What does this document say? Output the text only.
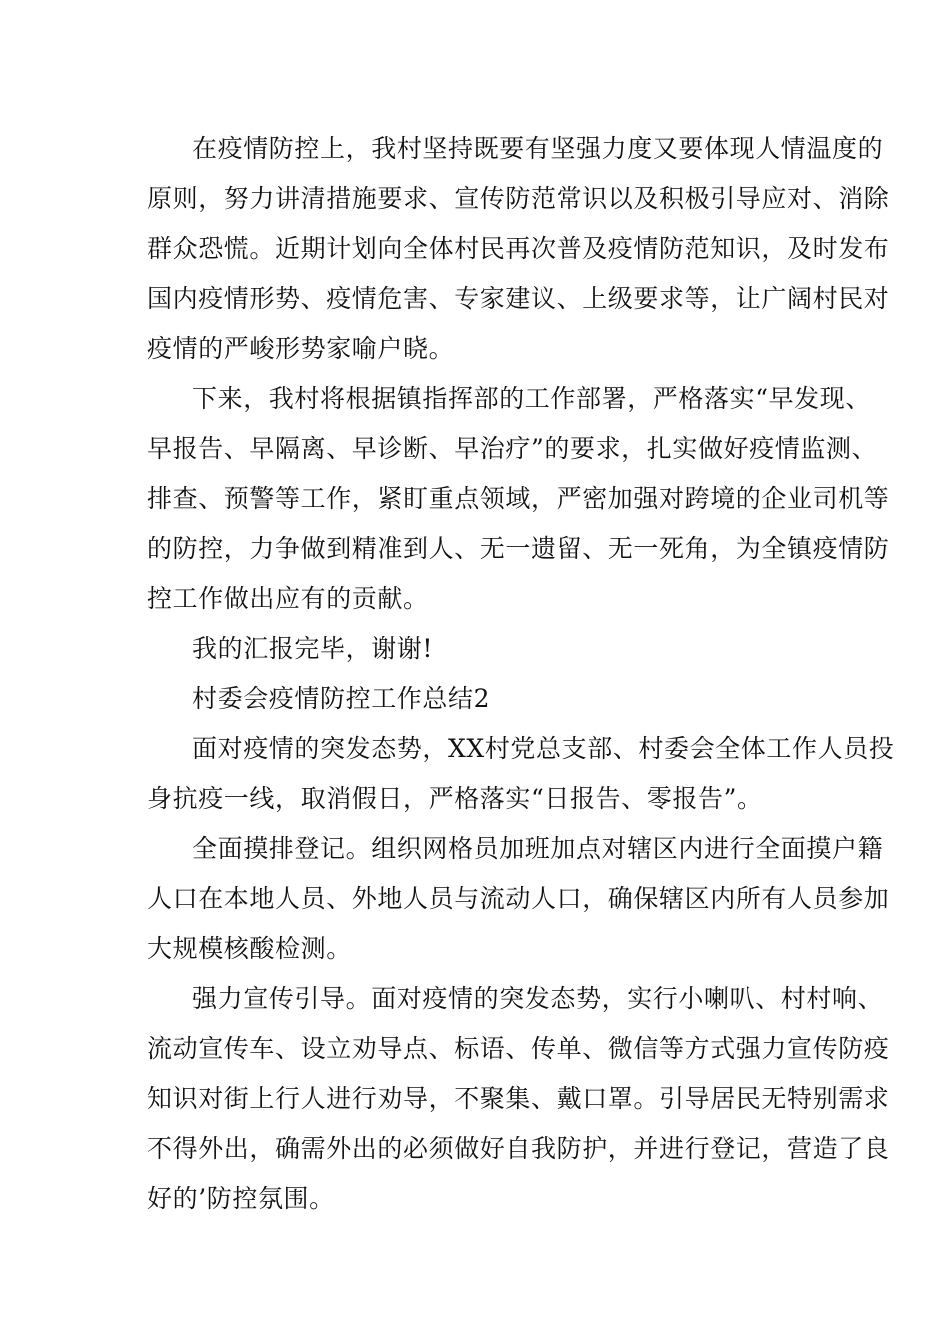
在疫情防控上，我村坚持既要有坚强力度又要体现人情温度的
原则，努力讲清措施要求、宣传防范常识以及积极引导应对、消除
群众恐慌。近期计划向全体村民再次普及疫情防范知识，及时发布
国内疫情形势、疫情危害、专家建议、上级要求等，让广阔村民对
疫情的严峻形势家喻户晓。
下来，我村将根据镇指挥部的工作部署，严格落实“早发现、
早报告、早隔离、早诊断、早治疗”的要求，扎实做好疫情监测、
排查、预警等工作，紧盯重点领域，严密加强对跨境的企业司机等
的防控，力争做到精准到人、无一遗留、无一死角，为全镇疫情防
控工作做出应有的贡献。
我的汇报完毕，谢谢!
村委会疫情防控工作总结2
面对疫情的突发态势，XX村党总支部、村委会全体工作人员投
身抗疫一线，取消假日，严格落实“日报告、零报告”。
全面摸排登记。组织网格员加班加点对辖区内进行全面摸户籍
人口在本地人员、外地人员与流动人口，确保辖区内所有人员参加
大规模核酸检测。
强力宣传引导。面对疫情的突发态势，实行小喇叭、村村响、
流动宣传车、设立劝导点、标语、传单、微信等方式强力宣传防疫
知识对街上行人进行劝导，不聚集、戴口罩。引导居民无特别需求
不得外出，确需外出的必须做好自我防护，并进行登记，营造了良
好的’防控氛围。
